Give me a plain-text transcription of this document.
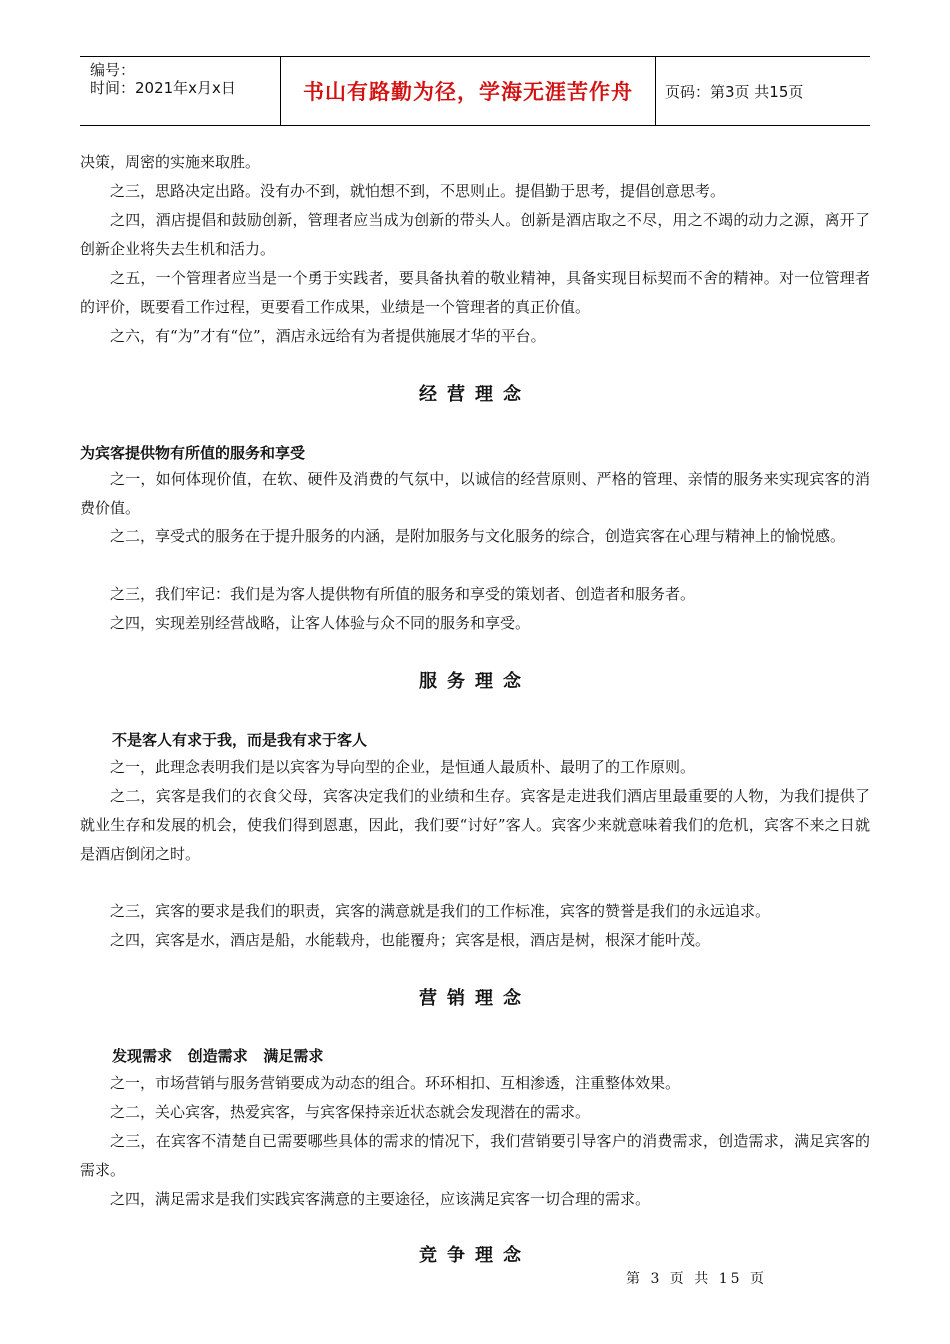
编号：
时间：2021年x月x日	书山有路勤为径，学海无涯苦作舟 页码：第3页 共15页

决策，周密的实施来取胜。

之三，思路决定出路。没有办不到，就怕想不到，不思则止。提倡勤于思考，提倡创意思考。

之四，酒店提倡和鼓励创新，管理者应当成为创新的带头人。创新是酒店取之不尽，用之不竭的动力之源，离开了创新企业将失去生机和活力。

之五，一个管理者应当是一个勇于实践者，要具备执着的敬业精神，具备实现目标契而不舍的精神。对一位管理者的评价，既要看工作过程，更要看工作成果，业绩是一个管理者的真正价值。

之六，有“为”才有“位”，酒店永远给有为者提供施展才华的平台。

经营理念

为宾客提供物有所值的服务和享受

之一，如何体现价值，在软、硬件及消费的气氛中，以诚信的经营原则、严格的管理、亲情的服务来实现宾客的消费价值。

之二，享受式的服务在于提升服务的内涵，是附加服务与文化服务的综合，创造宾客在心理与精神上的愉悦感。

之三，我们牢记：我们是为客人提供物有所值的服务和享受的策划者、创造者和服务者。

之四，实现差别经营战略，让客人体验与众不同的服务和享受。

服务理念

不是客人有求于我，而是我有求于客人

之一，此理念表明我们是以宾客为导向型的企业，是恒通人最质朴、最明了的工作原则。

之二，宾客是我们的衣食父母，宾客决定我们的业绩和生存。宾客是走进我们酒店里最重要的人物，为我们提供了就业生存和发展的机会，使我们得到恩惠，因此，我们要“讨好”客人。宾客少来就意味着我们的危机，宾客不来之日就是酒店倒闭之时。

之三，宾客的要求是我们的职责，宾客的满意就是我们的工作标准，宾客的赞誉是我们的永远追求。

之四，宾客是水，酒店是船，水能载舟，也能覆舟；宾客是根，酒店是树，根深才能叶茂。

营销理念

发现需求   创造需求   满足需求

之一，市场营销与服务营销要成为动态的组合。环环相扣、互相渗透，注重整体效果。

之二，关心宾客，热爱宾客，与宾客保持亲近状态就会发现潜在的需求。

之三，在宾客不清楚自已需要哪些具体的需求的情况下，我们营销要引导客户的消费需求，创造需求，满足宾客的需求。

之四，满足需求是我们实践宾客满意的主要途径，应该满足宾客一切合理的需求。

竞争理念
第 3 页 共 15 页
